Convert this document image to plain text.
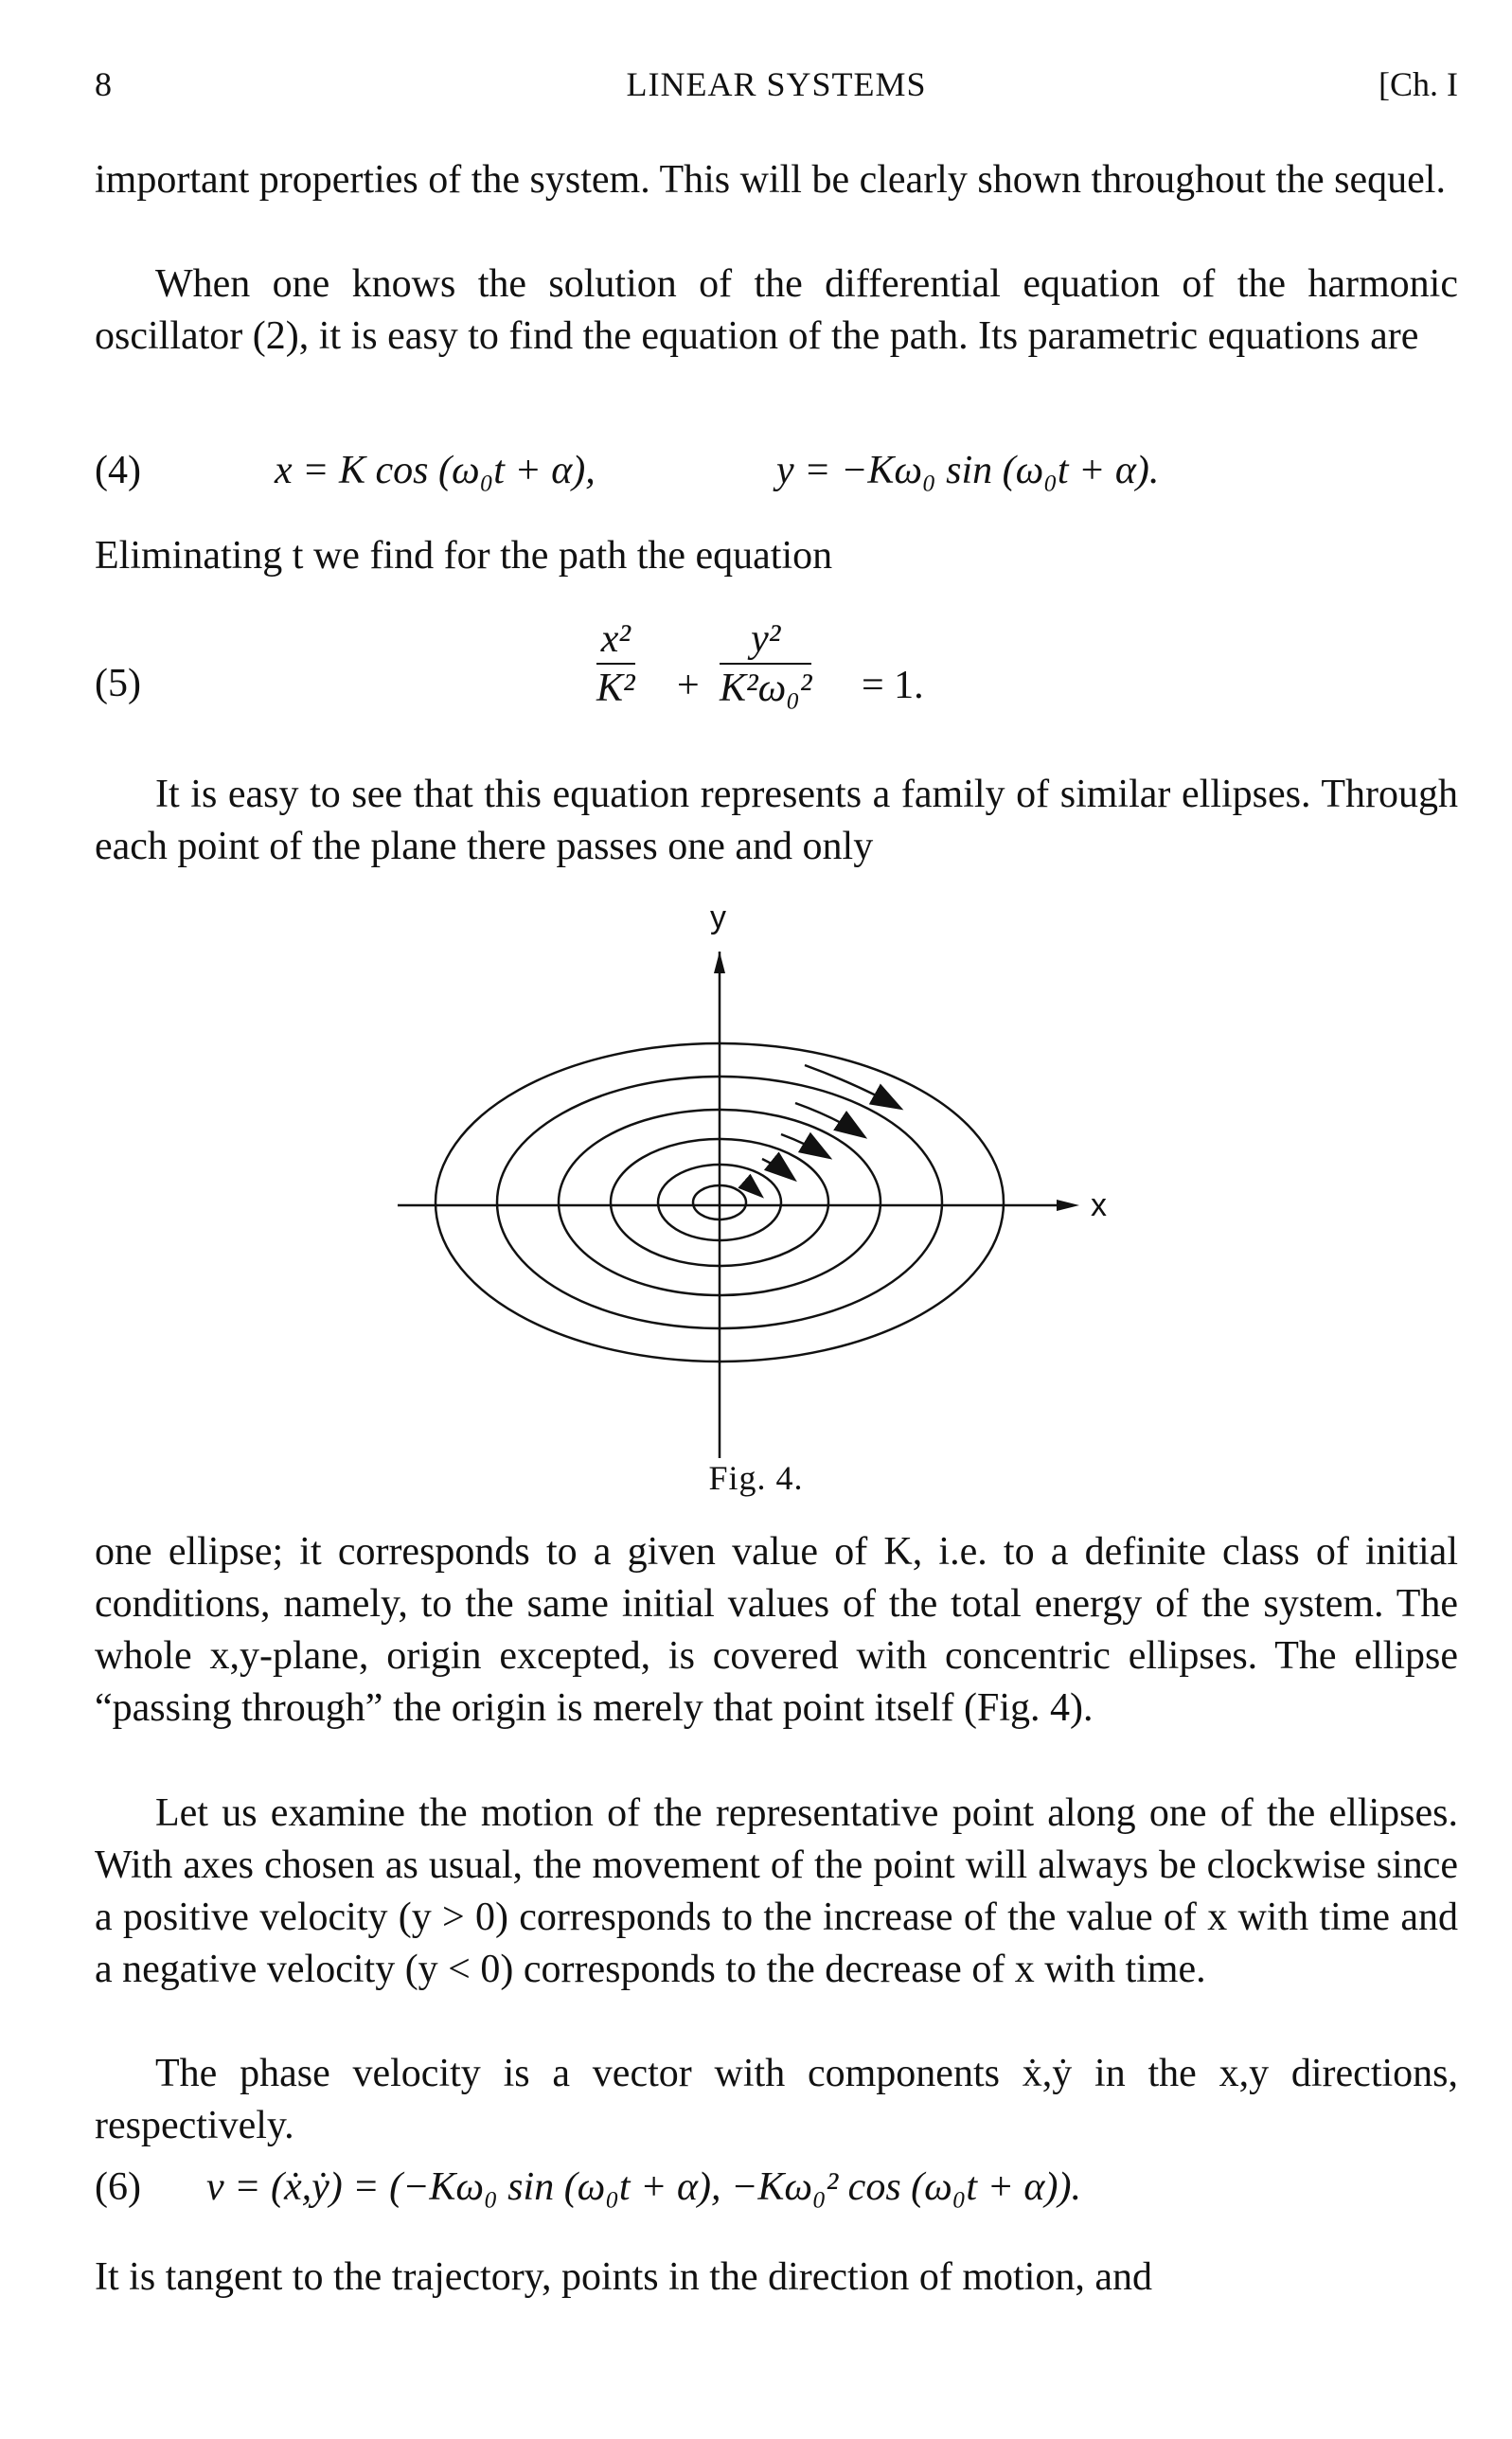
8	LINEAR SYSTEMS	[Ch. I

important properties of the system. This will be clearly shown throughout the sequel.

When one knows the solution of the differential equation of the harmonic oscillator (2), it is easy to find the equation of the path. Its parametric equations are

(4)	x = K cos (ω₀t + α),	y = −Kω₀ sin (ω₀t + α).

Eliminating t we find for the path the equation

(5)	$\frac{\text{x²}}{\text{K²}} + \frac{\text{y²}}{\text{K²ω₀²}} = 1$.

It is easy to see that this equation represents a family of similar ellipses. Through each point of the plane there passes one and only

y
x
Fig. 4.

one ellipse; it corresponds to a given value of K, i.e. to a definite class of initial conditions, namely, to the same initial values of the total energy of the system. The whole x,y-plane, origin excepted, is covered with concentric ellipses. The ellipse “passing through” the origin is merely that point itself (Fig. 4).

Let us examine the motion of the representative point along one of the ellipses. With axes chosen as usual, the movement of the point will always be clockwise since a positive velocity (y > 0) corresponds to the increase of the value of x with time and a negative velocity (y < 0) corresponds to the decrease of x with time.

The phase velocity is a vector with components ẋ,ẏ in the x,y directions, respectively.

(6) v = (ẋ,ẏ) = (−Kω₀ sin (ω₀t + α), −Kω₀² cos (ω₀t + α)).

It is tangent to the trajectory, points in the direction of motion, and
